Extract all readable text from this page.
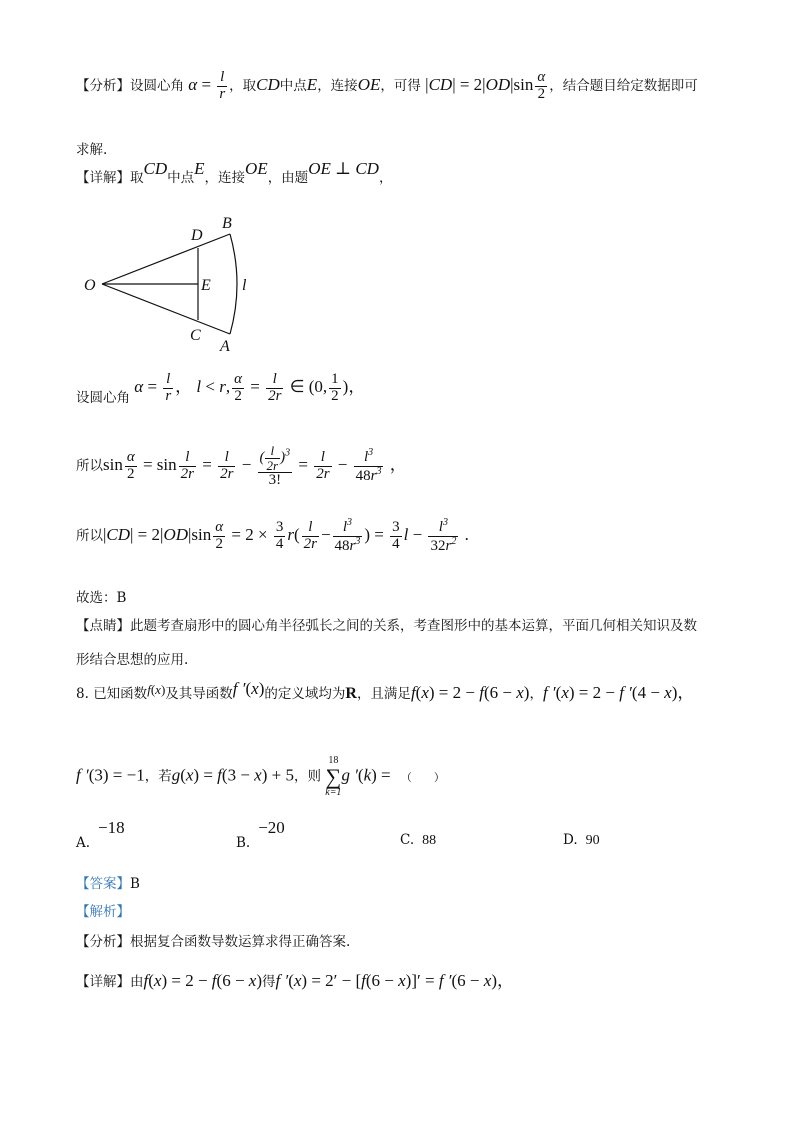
【分析】设圆心角 $\alpha = \frac{l}{r}$ ，取CD中点E，连接OE，可得 $|CD| = 2|OD|\sin \frac{\alpha}{2}$ ，结合题目给定数据即可
求解.
【详解】取CD中点E，连接OE，由题OE ⊥ CD，
O
D
B
E l
C
A
设圆心角 $\alpha = \frac{l}{r}$ ， l < r, $\frac{\alpha}{2} = \frac{l}{2r}$ ∈ (0, $\frac{1}{2}$ )，
所以$\sin \frac{\alpha}{2} = \sin \frac{l}{2r} = \frac{l}{2r} - \frac{( \frac{l}{2r} )^3}{3!} = \frac{l}{2r} - \frac{l^3}{48r^3}$ ，
所以$|CD| = 2|OD|\sin \frac{\alpha}{2} = 2 \times \frac{3}{4} r( \frac{l}{2r} - \frac{l^3}{48r^3}$ ) = $\frac{3}{4}$ $l - \frac{l^3}{32r^2}$ .
故选：B
【点睛】此题考查扇形中的圆心角半径弧长之间的关系，考查图形中的基本运算，平面几何相关知识及数
形结合思想的应用.
8. 已知函数f(x)及其导函数f ′(x)的定义域均为R，且满足f(x) = 2 − f(6 − x)，f ′(x) = 2 − f ′(4 − x)，
f ′(3) = −1，若g(x) = f(3 − x) + 5，则
18
∑
k=1
g ′(k) = （　　）
A.−18
B.−20
C. 88	D. 90
【答案】B
【解析】
【分析】根据复合函数导数运算求得正确答案.
【详解】由f(x) = 2 − f(6 − x)得f ′(x) = 2′ − [f(6 − x)]′ = f ′(6 − x)，
